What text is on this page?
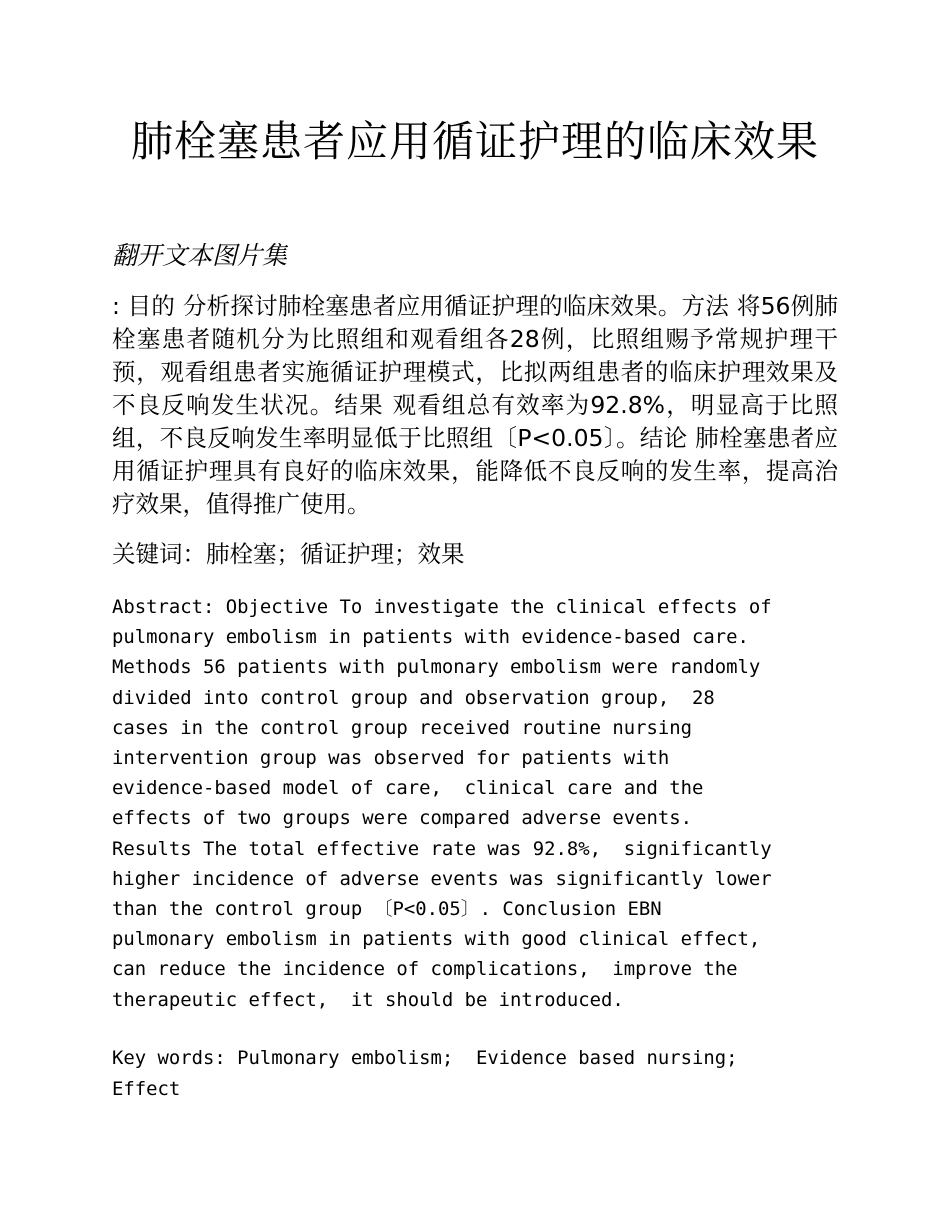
肺栓塞患者应用循证护理的临床效果

翻开文本图片集

: 目的 分析探讨肺栓塞患者应用循证护理的临床效果。方法 将56例肺栓塞患者随机分为比照组和观看组各28例，比照组赐予常规护理干预，观看组患者实施循证护理模式，比拟两组患者的临床护理效果及不良反响发生状况。结果 观看组总有效率为92.8%，明显高于比照组，不良反响发生率明显低于比照组〔P<0.05〕。结论 肺栓塞患者应用循证护理具有良好的临床效果，能降低不良反响的发生率，提高治疗效果，值得推广使用。

关键词：肺栓塞；循证护理；效果

Abstract: Objective To investigate the clinical effects of
pulmonary embolism in patients with evidence-based care.
Methods 56 patients with pulmonary embolism were randomly
divided into control group and observation group,  28
cases in the control group received routine nursing
intervention group was observed for patients with
evidence-based model of care,  clinical care and the
effects of two groups were compared adverse events.
Results The total effective rate was 92.8%,  significantly
higher incidence of adverse events was significantly lower
than the control group 〔P<0.05〕. Conclusion EBN
pulmonary embolism in patients with good clinical effect,
can reduce the incidence of complications,  improve the
therapeutic effect,  it should be introduced.

Key words: Pulmonary embolism;  Evidence based nursing;
Effect
